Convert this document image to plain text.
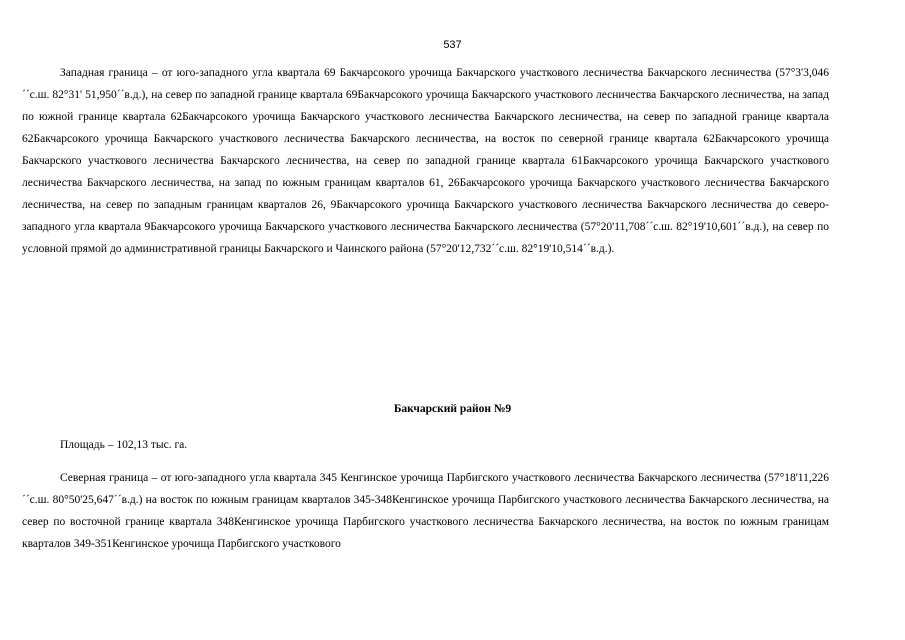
537

Западная граница – от юго-западного угла квартала 69 Бакчарсокого урочища Бакчарского участкового лесничества Бакчарского лесничества (57°3'3,046´´с.ш. 82°31' 51,950´´в.д.), на север по западной границе квартала 69Бакчарсокого урочища Бакчарского участкового лесничества Бакчарского лесничества, на запад по южной границе квартала 62Бакчарсокого урочища Бакчарского участкового лесничества Бакчарского лесничества, на север по западной границе квартала 62Бакчарсокого урочища Бакчарского участкового лесничества Бакчарского лесничества, на восток по северной границе квартала 62Бакчарсокого урочища Бакчарского участкового лесничества Бакчарского лесничества, на север по западной границе квартала 61Бакчарсокого урочища Бакчарского участкового лесничества Бакчарского лесничества, на запад по южным границам кварталов 61, 26Бакчарсокого урочища Бакчарского участкового лесничества Бакчарского лесничества, на север по западным границам кварталов 26, 9Бакчарсокого урочища Бакчарского участкового лесничества Бакчарского лесничества до северо-западного угла квартала 9Бакчарсокого урочища Бакчарского участкового лесничества Бакчарского лесничества (57°20'11,708´´с.ш. 82°19'10,601´´в.д.), на север по условной прямой до административной границы Бакчарского и Чаинского района (57°20'12,732´´с.ш. 82°19'10,514´´в.д.).

Бакчарский район №9
Площадь – 102,13 тыс. га.

Северная граница – от юго-западного угла квартала 345 Кенгинское урочища Парбигского участкового лесничества Бакчарского лесничества (57°18'11,226´´с.ш. 80°50'25,647´´в.д.) на восток по южным границам кварталов 345-348Кенгинское урочища Парбигского участкового лесничества Бакчарского лесничества, на север по восточной границе квартала 348Кенгинское урочища Парбигского участкового лесничества Бакчарского лесничества, на восток по южным границам кварталов 349-351Кенгинское урочища Парбигского участкового
